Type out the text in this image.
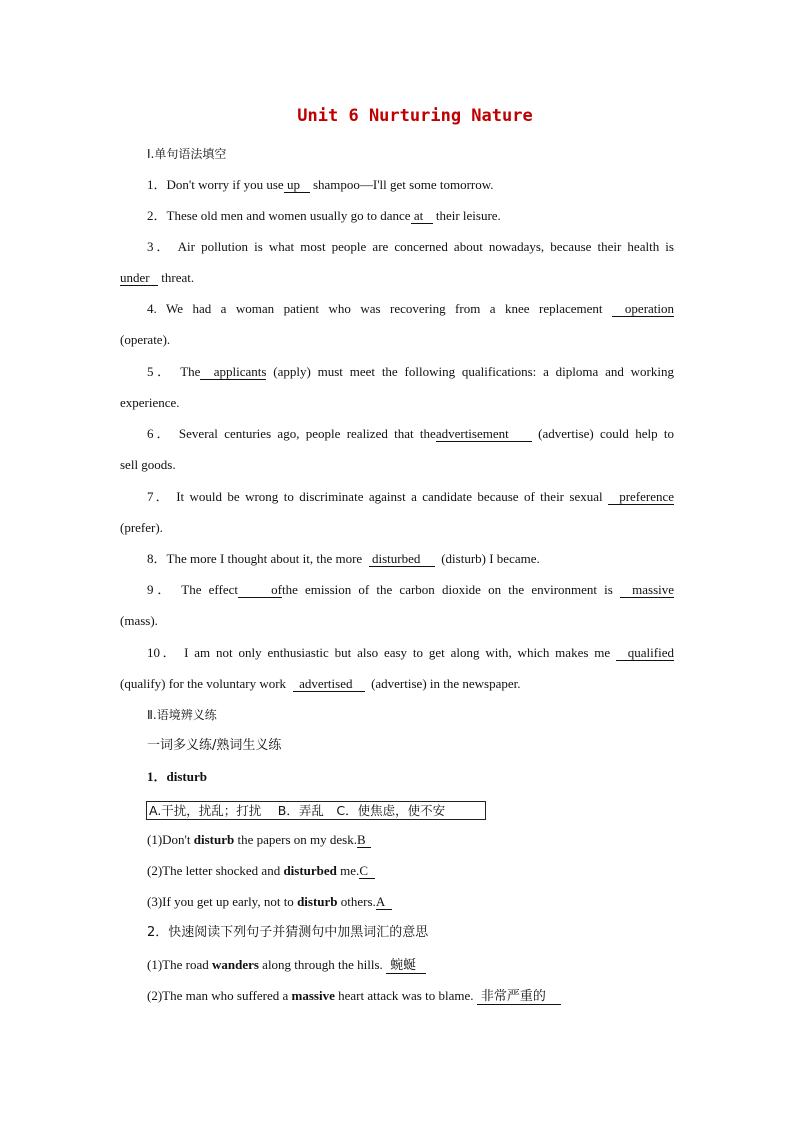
Unit 6 Nurturing Nature
Ⅰ.单句语法填空
1．Don't worry if you use up shampoo—I'll get some tomorrow.
2．These old men and women usually go to dance at their leisure.
3． Air pollution is what most people are concerned about nowadays, because their health is
under threat.
4. We had a woman patient who was recovering from a knee replacement operation
(operate).
5． The applicants (apply) must meet the following qualifications: a diploma and working
experience.
6． Several centuries ago, people realized that theadvertisement (advertise) could help to
sell goods.
7． It would be wrong to discriminate against a candidate because of their sexual preference
(prefer).
8．The more I thought about it, the more disturbed (disturb) I became.
9． The effect	ofthe emission of the carbon dioxide on the environment is massive
(mass).
10． I am not only enthusiastic but also easy to get along with, which makes me qualified
(qualify) for the voluntary work advertised (advertise) in the newspaper.
Ⅱ.语境辨义练
一词多义练/熟词生义练
1．disturb
A.干扰，扰乱；打扰　 B．弄乱　C．使焦虑，使不安
(1)Don't disturb the papers on my desk.B
(2)The letter shocked and disturbed me.C
(3)If you get up early, not to disturb others.A
2．快速阅读下列句子并猜测句中加黑词汇的意思
(1)The road wanders along through the hills. 蜿蜒
(2)The man who suffered a massive heart attack was to blame. 非常严重的
